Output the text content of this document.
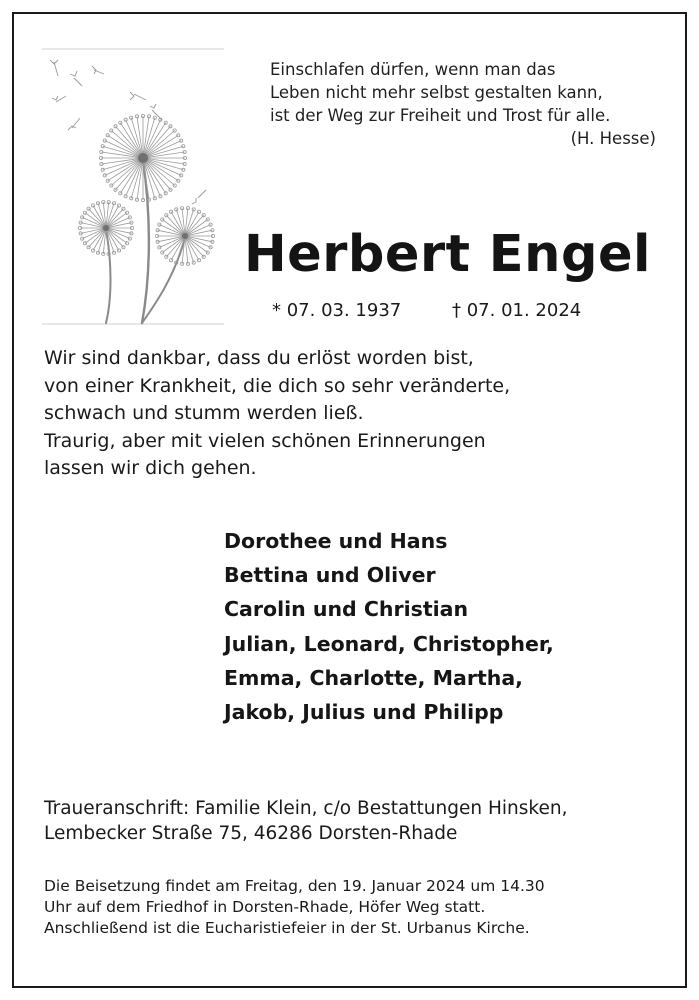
Einschlafen dürfen, wenn man das
Leben nicht mehr selbst gestalten kann,
ist der Weg zur Freiheit und Trost für alle.
(H. Hesse)
Herbert Engel
* 07. 03. 1937	† 07. 01. 2024
Wir sind dankbar, dass du erlöst worden bist,
von einer Krankheit, die dich so sehr veränderte,
schwach und stumm werden ließ.
Traurig, aber mit vielen schönen Erinnerungen
lassen wir dich gehen.
Dorothee und Hans
Bettina und Oliver
Carolin und Christian
Julian, Leonard, Christopher,
Emma, Charlotte, Martha,
Jakob, Julius und Philipp
Traueranschrift: Familie Klein, c/o Bestattungen Hinsken,
Lembecker Straße 75, 46286 Dorsten-Rhade
Die Beisetzung findet am Freitag, den 19. Januar 2024 um 14.30
Uhr auf dem Friedhof in Dorsten-Rhade, Höfer Weg statt.
Anschließend ist die Eucharistiefeier in der St. Urbanus Kirche.
